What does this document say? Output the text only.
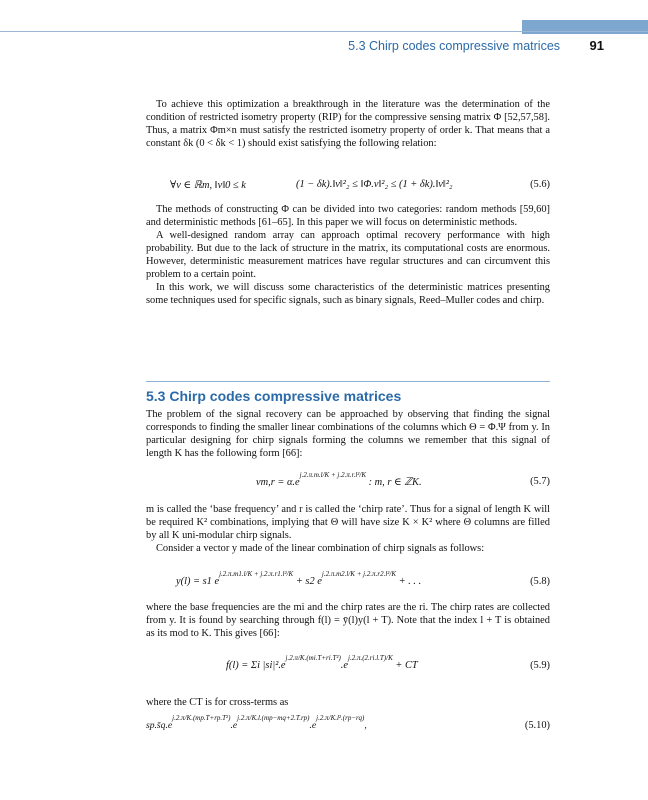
5.3 Chirp codes compressive matrices 91

To achieve this optimization a breakthrough in the literature was the determination of the condition of restricted isometry property (RIP) for the compressive sensing matrix Φ [52,57,58]. Thus, a matrix Φm×n must satisfy the restricted isometry property of order k. That means that a constant δk (0 < δk < 1) should exist satisfying the following relation:

∀v ∈ ℝm, ‖v‖0 ≤ k	(1 − δk).‖v‖²₂ ≤ ‖Φ.v‖²₂ ≤ (1 + δk).‖v‖²₂	(5.6)

The methods of constructing Φ can be divided into two categories: random methods [59,60] and deterministic methods [61–65]. In this paper we will focus on deterministic methods.

A well-designed random array can approach optimal recovery performance with high probability. But due to the lack of structure in the matrix, its computational costs are enormous. However, deterministic measurement matrices have regular structures and can circumvent this problem to a certain point.

In this work, we will discuss some characteristics of the deterministic matrices presenting some techniques used for specific signals, such as binary signals, Reed–Muller codes and chirp.

5.3 Chirp codes compressive matrices

The problem of the signal recovery can be approached by observing that finding the signal corresponds to finding the smaller linear combinations of the columns which Θ = Φ.Ψ from y. In particular designing for chirp signals forming the columns we remember that this signal of length K has the following form [66]:

$vm,r = \alpha.e^{j.2.\pi.m.l/K + j.2.\pi.r.l^2/K}$ : m, r ∈ ℤK.	(5.7)

m is called the ‘base frequency’ and r is called the ‘chirp rate’. Thus for a signal of length K will be required K² combinations, implying that Θ will have size K × K² where Θ columns are filled by all K uni-modular chirp signals.

Consider a vector y made of the linear combination of chirp signals as follows:

y(l) = s1 $e^{j.2.\pi.m1.l/K + j.2.\pi.r1.l^2/K} + s2$ $e^{j.2.\pi.m2.l/K + j.2.\pi.r2.l^2/K}$ + . . .	(5.8)

where the base frequencies are the mi and the chirp rates are the ri. The chirp rates are collected from y. It is found by searching through f(l) = ȳ(l)y(l + T). Note that the index l + T is obtained as its mod to K. This gives [66]:

f(l) = Σi $|si|^2.e^{j.2.\pi/K.(mi.T+ri.T^2)}.e^{j.2.\pi.(2.ri.l.T)/K}$ + CT	(5.9)

where the CT is for cross-terms as

$sp.s̄q.e^{j.2.\pi/K.(mp.T+rp.T^2)}.e^{j.2.\pi/K.l.(mp-mq+2.T.rp)}.e^{j.2.\pi/K.l^2.(rp-rq)}$,	(5.10)
